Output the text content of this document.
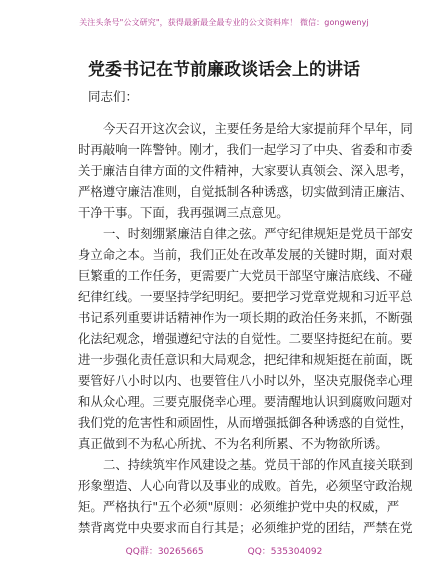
关注头条号"公文研究"，获得最新最全最专业的公文资料库！ 微信：gongwenyj
党委书记在节前廉政谈话会上的讲话
同志们：
今天召开这次会议，主要任务是给大家提前拜个早年，同
时再敲响一阵警钟。刚才，我们一起学习了中央、省委和市委
关于廉洁自律方面的文件精神，大家要认真领会、深入思考，
严格遵守廉洁准则，自觉抵制各种诱惑，切实做到清正廉洁、
干净干事。下面，我再强调三点意见。
一、时刻绷紧廉洁自律之弦。严守纪律规矩是党员干部安
身立命之本。当前，我们正处在改革发展的关键时期，面对艰
巨繁重的工作任务，更需要广大党员干部坚守廉洁底线、不碰
纪律红线。一要坚持学纪明纪。要把学习党章党规和习近平总
书记系列重要讲话精神作为一项长期的政治任务来抓，不断强
化法纪观念，增强遵纪守法的自觉性。二要坚持挺纪在前。要
进一步强化责任意识和大局观念，把纪律和规矩挺在前面，既
要管好八小时以内、也要管住八小时以外，坚决克服侥幸心理
和从众心理。三要克服侥幸心理。要清醒地认识到腐败问题对
我们党的危害性和顽固性，从而增强抵御各种诱惑的自觉性，
真正做到不为私心所扰、不为名利所累、不为物欲所诱。
二、持续筑牢作风建设之基。党员干部的作风直接关联到
形象塑造、人心向背以及事业的成败。首先，必须坚守政治规
矩。严格执行"五个必须"原则：必须维护党中央的权威，严
禁背离党中央要求而自行其是；必须维护党的团结，严禁在党
QQ群：30265665	QQ：535304092
